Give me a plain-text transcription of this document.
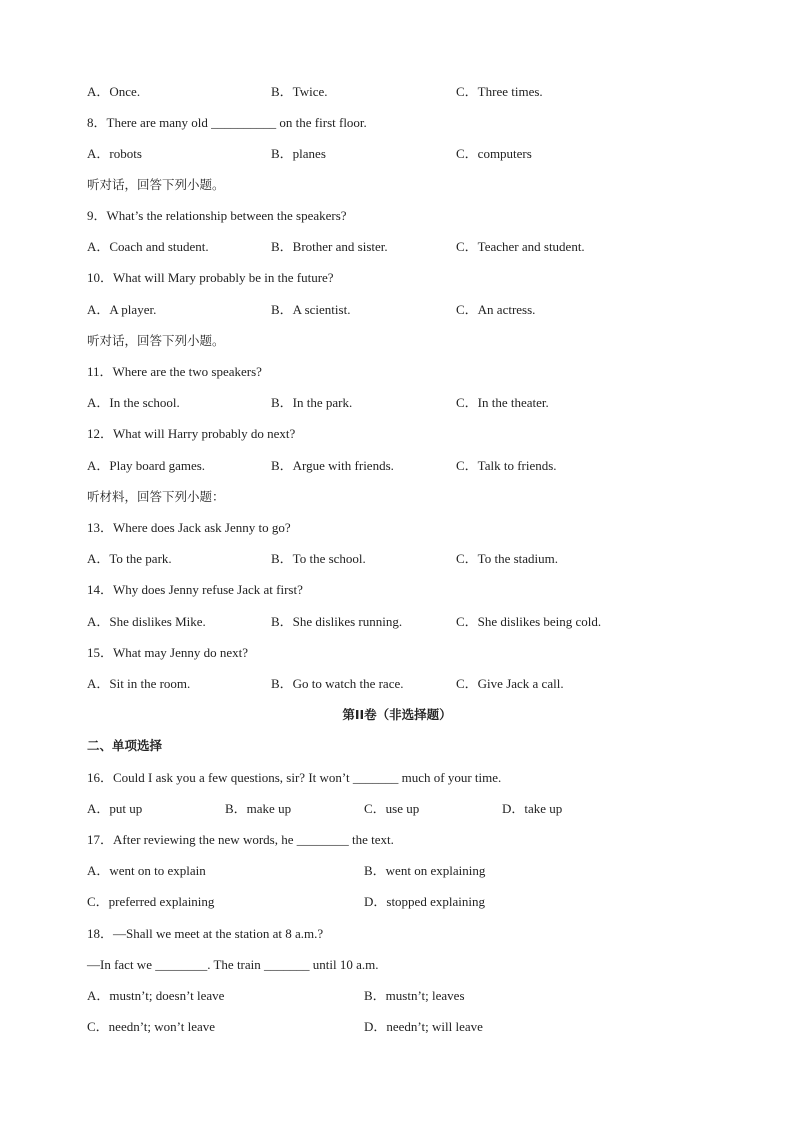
A．Once.	B．Twice.	C．Three times.
8．There are many old __________ on the first floor.
A．robots	B．planes	C．computers
听对话，回答下列小题。
9．What’s the relationship between the speakers?
A．Coach and student.	B．Brother and sister.	C．Teacher and student.
10．What will Mary probably be in the future?
A．A player.	B．A scientist.	C．An actress.
听对话，回答下列小题。
11．Where are the two speakers?
A．In the school.	B．In the park.	C．In the theater.
12．What will Harry probably do next?
A．Play board games.	B．Argue with friends.	C．Talk to friends.
听材料，回答下列小题：
13．Where does Jack ask Jenny to go?
A．To the park.	B．To the school.	C．To the stadium.
14．Why does Jenny refuse Jack at first?
A．She dislikes Mike.	B．She dislikes running.	C．She dislikes being cold.
15．What may Jenny do next?
A．Sit in the room.	B．Go to watch the race.	C．Give Jack a call.
第II卷（非选择题）
二、单项选择
16．Could I ask you a few questions, sir? It won’t _______ much of your time.
A．put up	B．make up	C．use up	D．take up
17．After reviewing the new words, he ________ the text.
A．went on to explain	B．went on explaining
C．preferred explaining	D．stopped explaining
18．—Shall we meet at the station at 8 a.m.?
—In fact we ________. The train _______ until 10 a.m.
A．mustn’t; doesn’t leave	B．mustn’t; leaves
C．needn’t; won’t leave	D．needn’t; will leave
